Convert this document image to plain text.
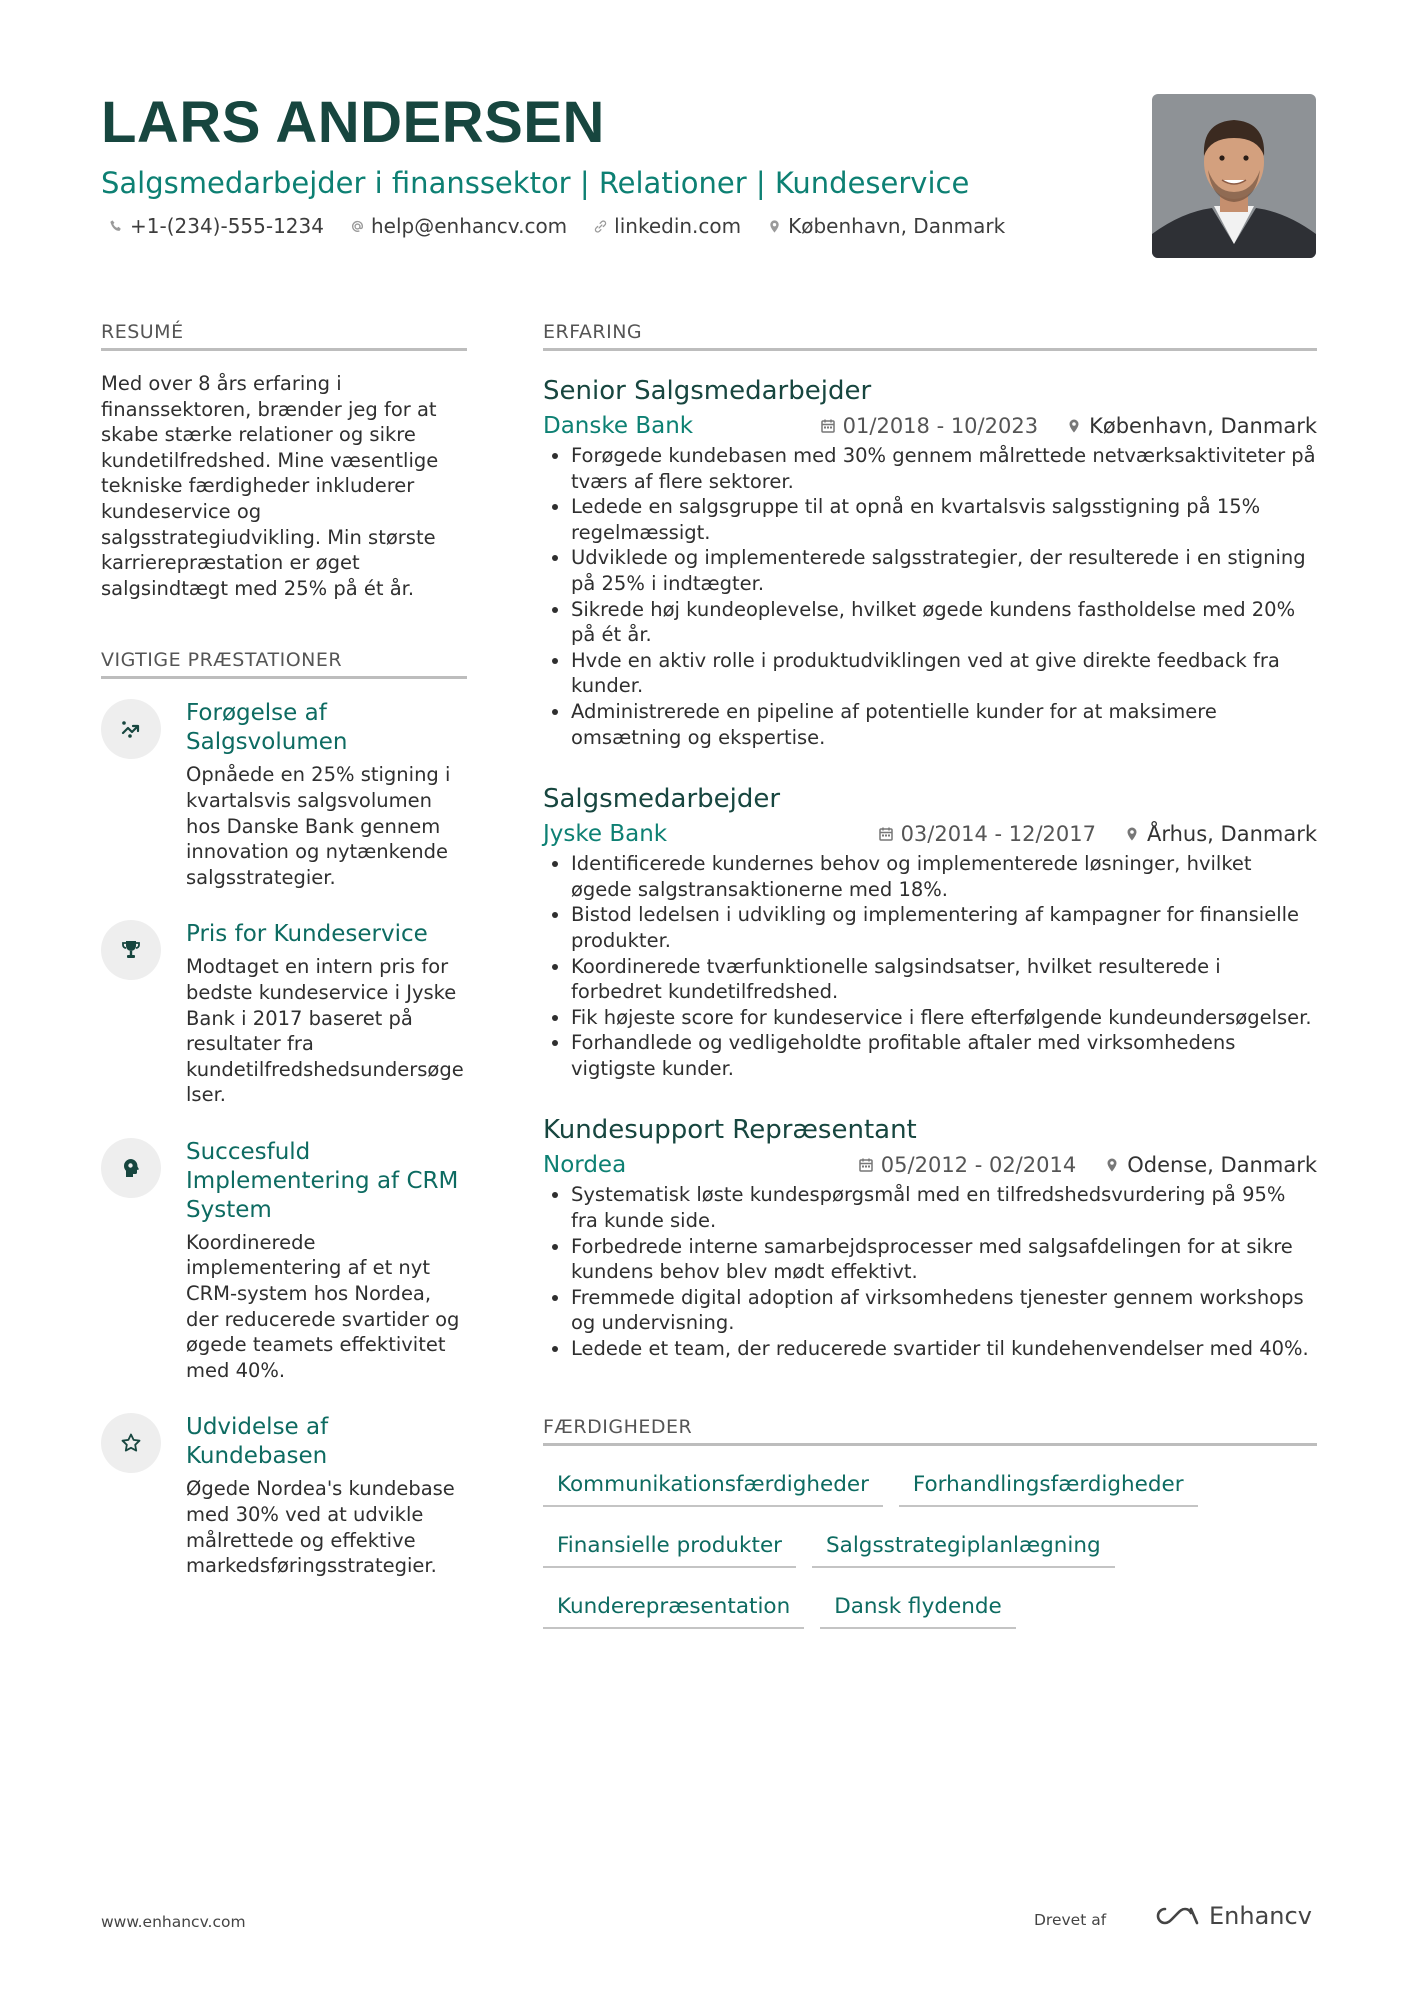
LARS ANDERSEN
Salgsmedarbejder i finanssektor | Relationer | Kundeservice
+1-(234)-555-1234 help@enhancv.com linkedin.com København, Danmark
RESUMÉ
Med over 8 års erfaring i finanssektoren, brænder jeg for at skabe stærke relationer og sikre kundetilfredshed. Mine væsentlige tekniske færdigheder inkluderer kundeservice og salgsstrategiudvikling. Min største karrierepræstation er øget salgsindtægt med 25% på ét år.
VIGTIGE PRÆSTATIONER
Forøgelse af Salgsvolumen
Opnåede en 25% stigning i kvartalsvis salgsvolumen hos Danske Bank gennem innovation og nytænkende salgsstrategier.
Pris for Kundeservice
Modtaget en intern pris for bedste kundeservice i Jyske Bank i 2017 baseret på resultater fra kundetilfredshedsundersøge lser.
Succesfuld Implementering af CRM System
Koordinerede implementering af et nyt CRM-system hos Nordea, der reducerede svartider og øgede teamets effektivitet med 40%.
Udvidelse af Kundebasen
Øgede Nordea's kundebase med 30% ved at udvikle målrettede og effektive markedsføringsstrategier.
ERFARING
Senior Salgsmedarbejder
Danske Bank	01/2018 - 10/2023 København, Danmark
• Forøgede kundebasen med 30% gennem målrettede netværksaktiviteter på tværs af flere sektorer.
• Ledede en salgsgruppe til at opnå en kvartalsvis salgsstigning på 15% regelmæssigt.
• Udviklede og implementerede salgsstrategier, der resulterede i en stigning på 25% i indtægter.
• Sikrede høj kundeoplevelse, hvilket øgede kundens fastholdelse med 20% på ét år.
• Hvde en aktiv rolle i produktudviklingen ved at give direkte feedback fra kunder.
• Administrerede en pipeline af potentielle kunder for at maksimere omsætning og ekspertise.
Salgsmedarbejder
Jyske Bank	03/2014 - 12/2017 Århus, Danmark
• Identificerede kundernes behov og implementerede løsninger, hvilket øgede salgstransaktionerne med 18%.
• Bistod ledelsen i udvikling og implementering af kampagner for finansielle produkter.
• Koordinerede tværfunktionelle salgsindsatser, hvilket resulterede i forbedret kundetilfredshed.
• Fik højeste score for kundeservice i flere efterfølgende kundeundersøgelser.
• Forhandlede og vedligeholdte profitable aftaler med virksomhedens vigtigste kunder.
Kundesupport Repræsentant
Nordea	05/2012 - 02/2014 Odense, Danmark
• Systematisk løste kundespørgsmål med en tilfredshedsvurdering på 95% fra kunde side.
• Forbedrede interne samarbejdsprocesser med salgsafdelingen for at sikre kundens behov blev mødt effektivt.
• Fremmede digital adoption af virksomhedens tjenester gennem workshops og undervisning.
• Ledede et team, der reducerede svartider til kundehenvendelser med 40%.
FÆRDIGHEDER
Kommunikationsfærdigheder	Forhandlingsfærdigheder
Finansielle produkter	Salgsstrategiplanlægning
Kunderepræsentation	Dansk flydende
www.enhancv.com	Drevet af	Enhancv
